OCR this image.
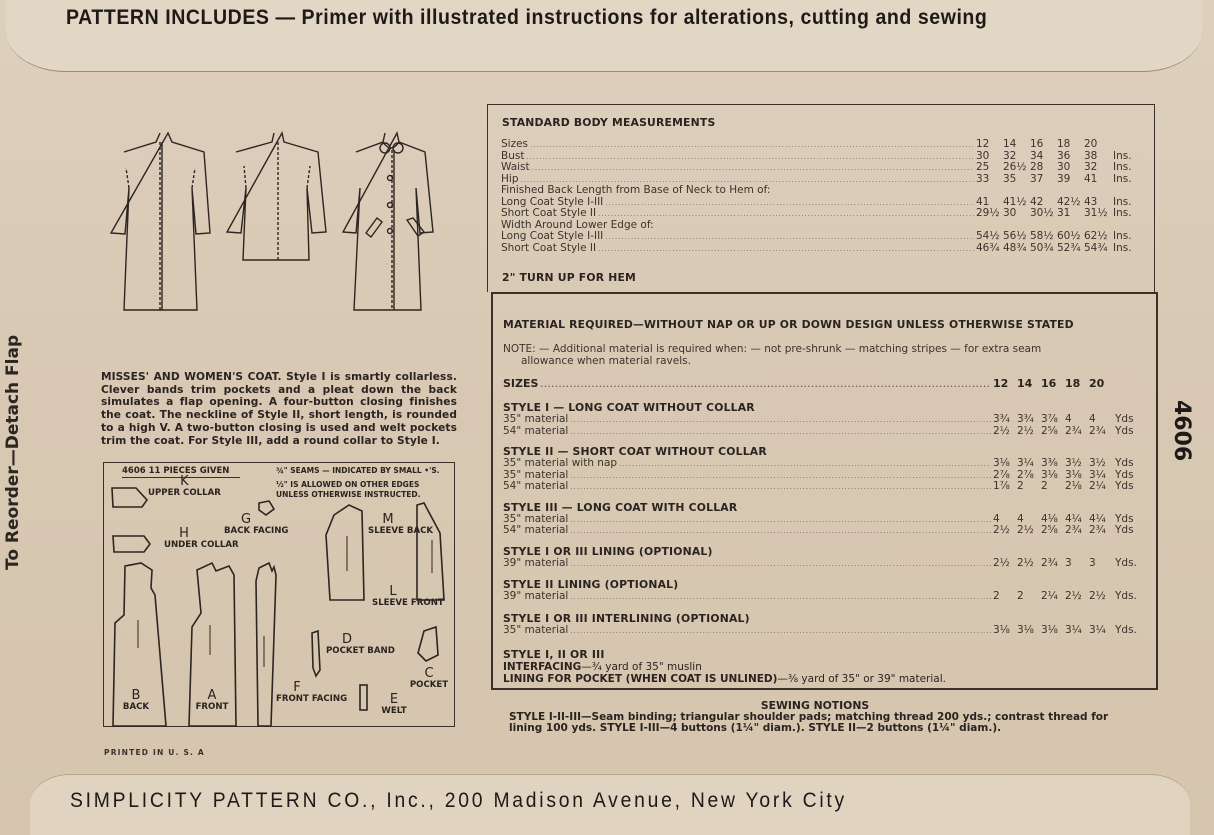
PATTERN INCLUDES — Primer with illustrated instructions for alterations, cutting and sewing
To Reorder—Detach Flap	MISSES' AND WOMEN'S COAT. Style I is smartly collarless. Clever bands trim pockets and a pleat down the back simulates a flap opening. A four-button closing finishes the coat. The neckline of Style II, short length, is rounded to a high V. A two-button closing is used and welt pockets trim the coat. For Style III, add a round collar to Style I.
4606 11 PIECES GIVEN	¾" SEAMS — INDICATED BY SMALL •'S.
½" IS ALLOWED ON OTHER EDGES
UNLESS OTHERWISE INSTRUCTED.
K
UPPER COLLAR
H
UNDER COLLAR
G
BACK FACING
M
SLEEVE BACK
L
SLEEVE FRONT
D
POCKET BAND
C
POCKET
B
BACK
A
FRONT
F
FRONT FACING	E
WELT
PRINTED IN U. S. A
STANDARD BODY MEASUREMENTS
Sizes .....	12	14	16	18	20
Bust .....	30	32	34	36	38	Ins.
Waist .....	25	26½ 28	30	32	Ins.
Hip .....	33	35	37	39	41	Ins.
Finished Back Length from Base of Neck to Hem of:
Long Coat Style I-III .....	41	41½ 42	42½ 43	Ins.
Short Coat Style II .....	29½ 30	30½ 31	31½ Ins.
Width Around Lower Edge of:
Long Coat Style I-III .....	54½ 56½ 58½ 60½ 62½ Ins.
Short Coat Style II .....	46¾ 48¾ 50¾ 52¾ 54¾ Ins.
2" TURN UP FOR HEM
MATERIAL REQUIRED—WITHOUT NAP OR UP OR DOWN DESIGN UNLESS OTHERWISE STATED
NOTE: — Additional material is required when: — not pre-shrunk — matching stripes — for extra seam
allowance when material ravels.
SIZES .....	12 14 16 18 20
STYLE I — LONG COAT WITHOUT COLLAR
35" material .....	3¾ 3¾ 3⅞ 4	4	Yds
54" material .....	2½ 2½ 2⅝ 2¾ 2¾ Yds
STYLE II — SHORT COAT WITHOUT COLLAR
35" material with nap .....	3⅛ 3¼ 3⅜ 3½ 3½ Yds
35" material .....	2⅞ 2⅞ 3⅛ 3⅛ 3¼ Yds
54" material .....	1⅞ 2	2	2⅛ 2¼ Yds
STYLE III — LONG COAT WITH COLLAR
35" material .....	4	4	4⅛ 4¼ 4¼ Yds
54" material .....	2½ 2½ 2⅝ 2¾ 2¾ Yds
STYLE I OR III LINING (OPTIONAL)
39" material .....	2½ 2½ 2¾ 3	3	Yds.
STYLE II LINING (OPTIONAL)
39" material .....	2	2	2¼ 2½ 2½ Yds.
STYLE I OR III INTERLINING (OPTIONAL)
35" material .....	3⅛ 3⅛ 3⅛ 3¼ 3¼ Yds.
STYLE I, II OR III
INTERFACING—¾ yard of 35" muslin
LINING FOR POCKET (WHEN COAT IS UNLINED)—⅜ yard of 35" or 39" material.
4606
SEWING NOTIONS
STYLE I-II-III—Seam binding; triangular shoulder pads; matching thread 200 yds.; contrast thread for lining 100 yds. STYLE I-III—4 buttons (1¼" diam.). STYLE II—2 buttons (1¼" diam.).
SIMPLICITY PATTERN CO., Inc., 200 Madison Avenue, New York City
